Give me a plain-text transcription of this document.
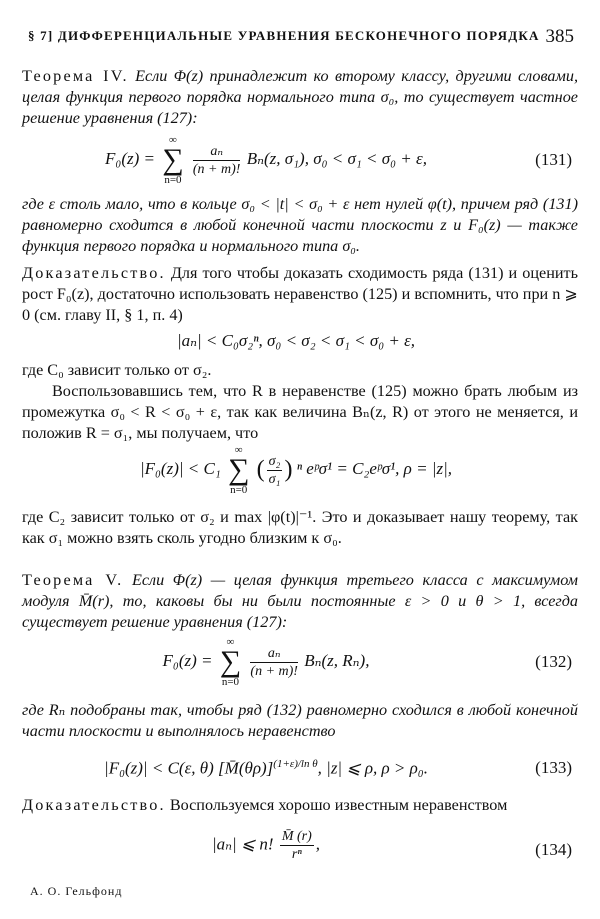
§ 7] ДИФФЕРЕНЦИАЛЬНЫЕ УРАВНЕНИЯ БЕСКОНЕЧНОГО ПОРЯДКА 385
Теорема IV. Если Φ(z) принадлежит ко второму классу, другими словами, целая функция первого порядка нормального типа σ₀, то существует частное решение уравнения (127):
F₀(z) =
∞
∑
n=0

$\frac{\text{aₙ}}{(n + m)!} B_n(z$, σ₁), σ₀ < σ₁ < σ₀ + ε,	(131)
где ε столь мало, что в кольце σ₀ < |t| < σ₀ + ε нет нулей φ(t), причем ряд (131) равномерно сходится в любой конечной части плоскости z и F₀(z) — также функция первого порядка и нормального типа σ₀.
Доказательство. Для того чтобы доказать сходимость ряда (131) и оценить рост F₀(z), достаточно использовать неравенство (125) и вспомнить, что при n ⩾ 0 (см. главу II, § 1, п. 4)
|aₙ| < C₀σ₂ⁿ, σ₀ < σ₂ < σ₁ < σ₀ + ε,
где C₀ зависит только от σ₂.
Воспользовавшись тем, что R в неравенстве (125) можно брать любым из промежутка σ₀ < R < σ₀ + ε, так как величина Bₙ(z, R) от этого не меняется, и положив R = σ₁, мы получаем, что
|F₀(z)| < C₁
∞
∑
n=0
( $\frac{\text{σ₂}}{\text{σ₁}}$ ) ⁿ eᵖσ¹ = C₂eᵖσ¹, ρ = |z|,
где C₂ зависит только от σ₂ и max |φ(t)|⁻¹. Это и доказывает нашу теорему, так как σ₁ можно взять сколь угодно близким к σ₀.
Теорема V. Если Φ(z) — целая функция третьего класса с максимумом модуля M̄(r), то, каковы бы ни были постоянные ε > 0 и θ > 1, всегда существует решение уравнения (127):
F₀(z) =
∞
∑
n=0

$\frac{\text{aₙ}}{(n + m)!} B_n(z$, Rₙ),	(132)
где Rₙ подобраны так, чтобы ряд (132) равномерно сходился в любой конечной части плоскости и выполнялось неравенство
|F₀(z)| < C(ε, θ) [M̄(θρ)]$^{(1+\varepsilon)/ln \theta}$, |z| ⩽ ρ, ρ > ρ₀.	(133)
Доказательство. Воспользуемся хорошо известным неравенством
|aₙ| ⩽ n! $\frac{M̄ (r)}{\text{rⁿ}}$ ,	(134)
А. О. Гельфонд
